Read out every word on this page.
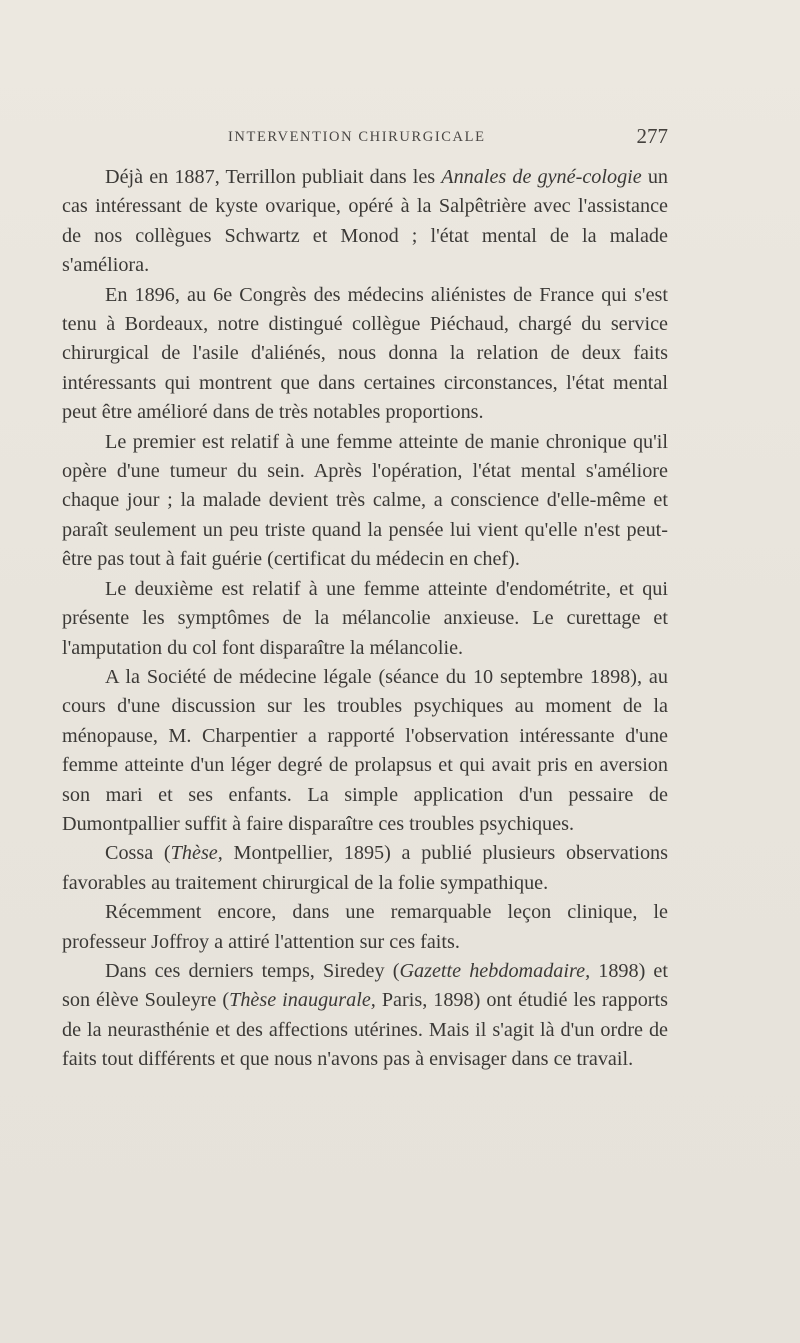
INTERVENTION CHIRURGICALE	277

Déjà en 1887, Terrillon publiait dans les Annales de gyné-cologie un cas intéressant de kyste ovarique, opéré à la Salpêtrière avec l'assistance de nos collègues Schwartz et Monod ; l'état mental de la malade s'améliora.

En 1896, au 6e Congrès des médecins aliénistes de France qui s'est tenu à Bordeaux, notre distingué collègue Piéchaud, chargé du service chirurgical de l'asile d'aliénés, nous donna la relation de deux faits intéressants qui montrent que dans certaines circonstances, l'état mental peut être amélioré dans de très notables proportions.

Le premier est relatif à une femme atteinte de manie chronique qu'il opère d'une tumeur du sein. Après l'opération, l'état mental s'améliore chaque jour ; la malade devient très calme, a conscience d'elle-même et paraît seulement un peu triste quand la pensée lui vient qu'elle n'est peut-être pas tout à fait guérie (certificat du médecin en chef).

Le deuxième est relatif à une femme atteinte d'endométrite, et qui présente les symptômes de la mélancolie anxieuse. Le curettage et l'amputation du col font disparaître la mélancolie.

A la Société de médecine légale (séance du 10 septembre 1898), au cours d'une discussion sur les troubles psychiques au moment de la ménopause, M. Charpentier a rapporté l'observation intéressante d'une femme atteinte d'un léger degré de prolapsus et qui avait pris en aversion son mari et ses enfants. La simple application d'un pessaire de Dumontpallier suffit à faire disparaître ces troubles psychiques.

Cossa (Thèse, Montpellier, 1895) a publié plusieurs observations favorables au traitement chirurgical de la folie sympathique.

Récemment encore, dans une remarquable leçon clinique, le professeur Joffroy a attiré l'attention sur ces faits.

Dans ces derniers temps, Siredey (Gazette hebdomadaire, 1898) et son élève Souleyre (Thèse inaugurale, Paris, 1898) ont étudié les rapports de la neurasthénie et des affections utérines. Mais il s'agit là d'un ordre de faits tout différents et que nous n'avons pas à envisager dans ce travail.
